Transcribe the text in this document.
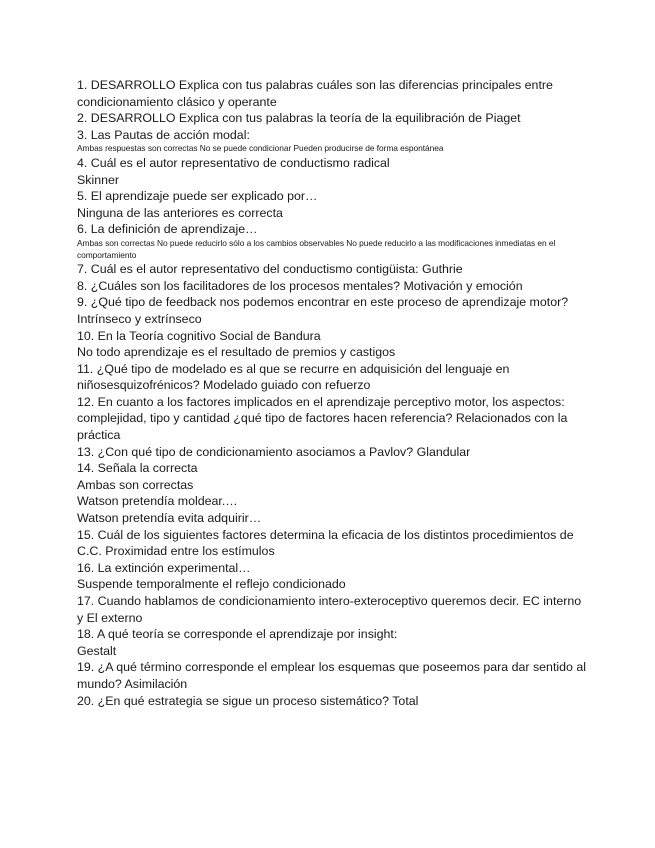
1. DESARROLLO Explica con tus palabras cuáles son las diferencias principales entre condicionamiento clásico y operante
2. DESARROLLO Explica con tus palabras la teoría de la equilibración de Piaget
3. Las Pautas de acción modal:
Ambas respuestas son correctas No se puede condicionar Pueden producirse de forma espontánea
4. Cuál es el autor representativo de conductismo radical
Skinner
5. El aprendizaje puede ser explicado por…
Ninguna de las anteriores es correcta
6. La definición de aprendizaje…
Ambas son correctas No puede reducirlo sólo a los cambios observables No puede reducirlo a las modificaciones inmediatas en el comportamiento
7. Cuál es el autor representativo del conductismo contigüista: Guthrie
8. ¿Cuáles son los facilitadores de los procesos mentales? Motivación y emoción
9. ¿Qué tipo de feedback nos podemos encontrar en este proceso de aprendizaje motor? Intrínseco y extrínseco
10. En la Teoría cognitivo Social de Bandura
No todo aprendizaje es el resultado de premios y castigos
11. ¿Qué tipo de modelado es al que se recurre en adquisición del lenguaje en niñosesquizofrénicos? Modelado guiado con refuerzo
12. En cuanto a los factores implicados en el aprendizaje perceptivo motor, los aspectos: complejidad, tipo y cantidad ¿qué tipo de factores hacen referencia? Relacionados con la práctica
13. ¿Con qué tipo de condicionamiento asociamos a Pavlov? Glandular
14. Señala la correcta
Ambas son correctas
Watson pretendía moldear.…
Watson pretendía evita adquirir…
15. Cuál de los siguientes factores determina la eficacia de los distintos procedimientos de C.C. Proximidad entre los estímulos
16. La extinción experimental…
Suspende temporalmente el reflejo condicionado
17. Cuando hablamos de condicionamiento intero-exteroceptivo queremos decir. EC interno y El externo
18. A qué teoría se corresponde el aprendizaje por insight:
Gestalt
19. ¿A qué término corresponde el emplear los esquemas que poseemos para dar sentido al mundo? Asimilación
20. ¿En qué estrategia se sigue un proceso sistemático? Total
